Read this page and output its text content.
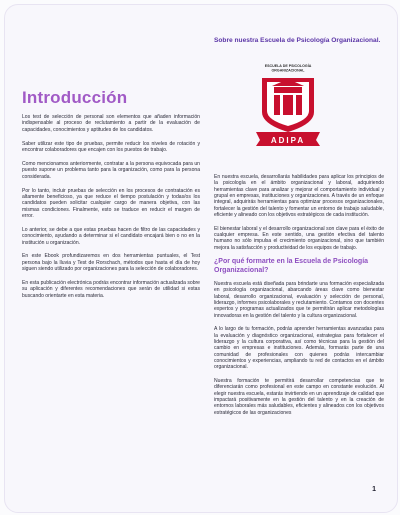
Introducción

Los test de selección de personal son elementos que añaden información indispensable al proceso de reclutamiento a partir de la evaluación de capacidades, conocimientos y aptitudes de los candidatos.

Saber utilizar este tipo de pruebas, permite reducir los niveles de rotación y encontrar colaboradores que encajen con los puestos de trabajo.

Como mencionamos anteriormente, contratar a la persona equivocada para un puesto supone un problema tanto para la organización, como para la persona considerada.

Por lo tanto, incluir pruebas de selección en los procesos de contratación es altamente beneficioso, ya que reduce el tiempo postulación y todas/os los candidatos pueden solicitar cualquier cargo de manera objetiva, con las mismas condiciones. Finalmente, esto se traduce en reducir el margen de error.

Lo anterior, se debe a que estas pruebas hacen de filtro de las capacidades y conocimiento, ayudando a determinar si el candidato encajará bien o no en la institución u organización.

En este Ebook profundizaremos en dos herramientas puntuales, el Test persona bajo la lluvia y Test de Rorschach, métodos que hasta el día de hoy siguen siendo utilizado por organizaciones para la selección de colaboradores.

En esta publicación electrónica podrás encontrar información actualizada sobre su aplicación y diferentes recomendaciones que serán de utilidad si estas buscando orientarte en esta materia.

Sobre nuestra Escuela de Psicología Organizacional.
ESCUELA DE PSICOLOGÍA
ORGANIZACIONAL
ADIPA

En nuestra escuela, desarrollarás habilidades para aplicar los principios de la psicología en el ámbito organizacional y laboral, adquiriendo herramientas clave para analizar y mejorar el comportamiento individual y grupal en empresas, instituciones y organizaciones. A través de un enfoque integral, adquirirás herramientas para optimizar procesos organizacionales, fortalecer la gestión del talento y fomentar un entorno de trabajo saludable, eficiente y alineado con los objetivos estratégicos de cada institución.

El bienestar laboral y el desarrollo organizacional son clave para el éxito de cualquier empresa. En este sentido, una gestión efectiva del talento humano no sólo impulsa el crecimiento organizacional, sino que también mejora la satisfacción y productividad de los equipos de trabajo.

¿Por qué formarte en la Escuela de Psicología Organizacional?

Nuestra escuela está diseñada para brindarte una formación especializada en psicología organizacional, abarcando áreas clave como bienestar laboral, desarrollo organizacional, evaluación y selección de personal, liderazgo, informes psicolaborales y reclutamiento. Contamos con docentes expertos y programas actualizados que te permitirán aplicar metodologías innovadoras en la gestión del talento y la cultura organizacional.

A lo largo de tu formación, podrás aprender herramientas avanzadas para la evaluación y diagnóstico organizacional, estrategias para fortalecer el liderazgo y la cultura corporativa, así como técnicas para la gestión del cambio en empresas e instituciones. Además, formarás parte de una comunidad de profesionales con quienes podrás intercambiar conocimientos y experiencias, ampliando tu red de contactos en el ámbito organizacional.

Nuestra formación te permitirá desarrollar competencias que te diferenciarán como profesional en este campo en constante evolución. Al elegir nuestra escuela, estarás invirtiendo en un aprendizaje de calidad que impactará positivamente en la gestión del talento y en la creación de entornos laborales más saludables, eficientes y alineados con los objetivos estratégicos de las organizaciones

1
